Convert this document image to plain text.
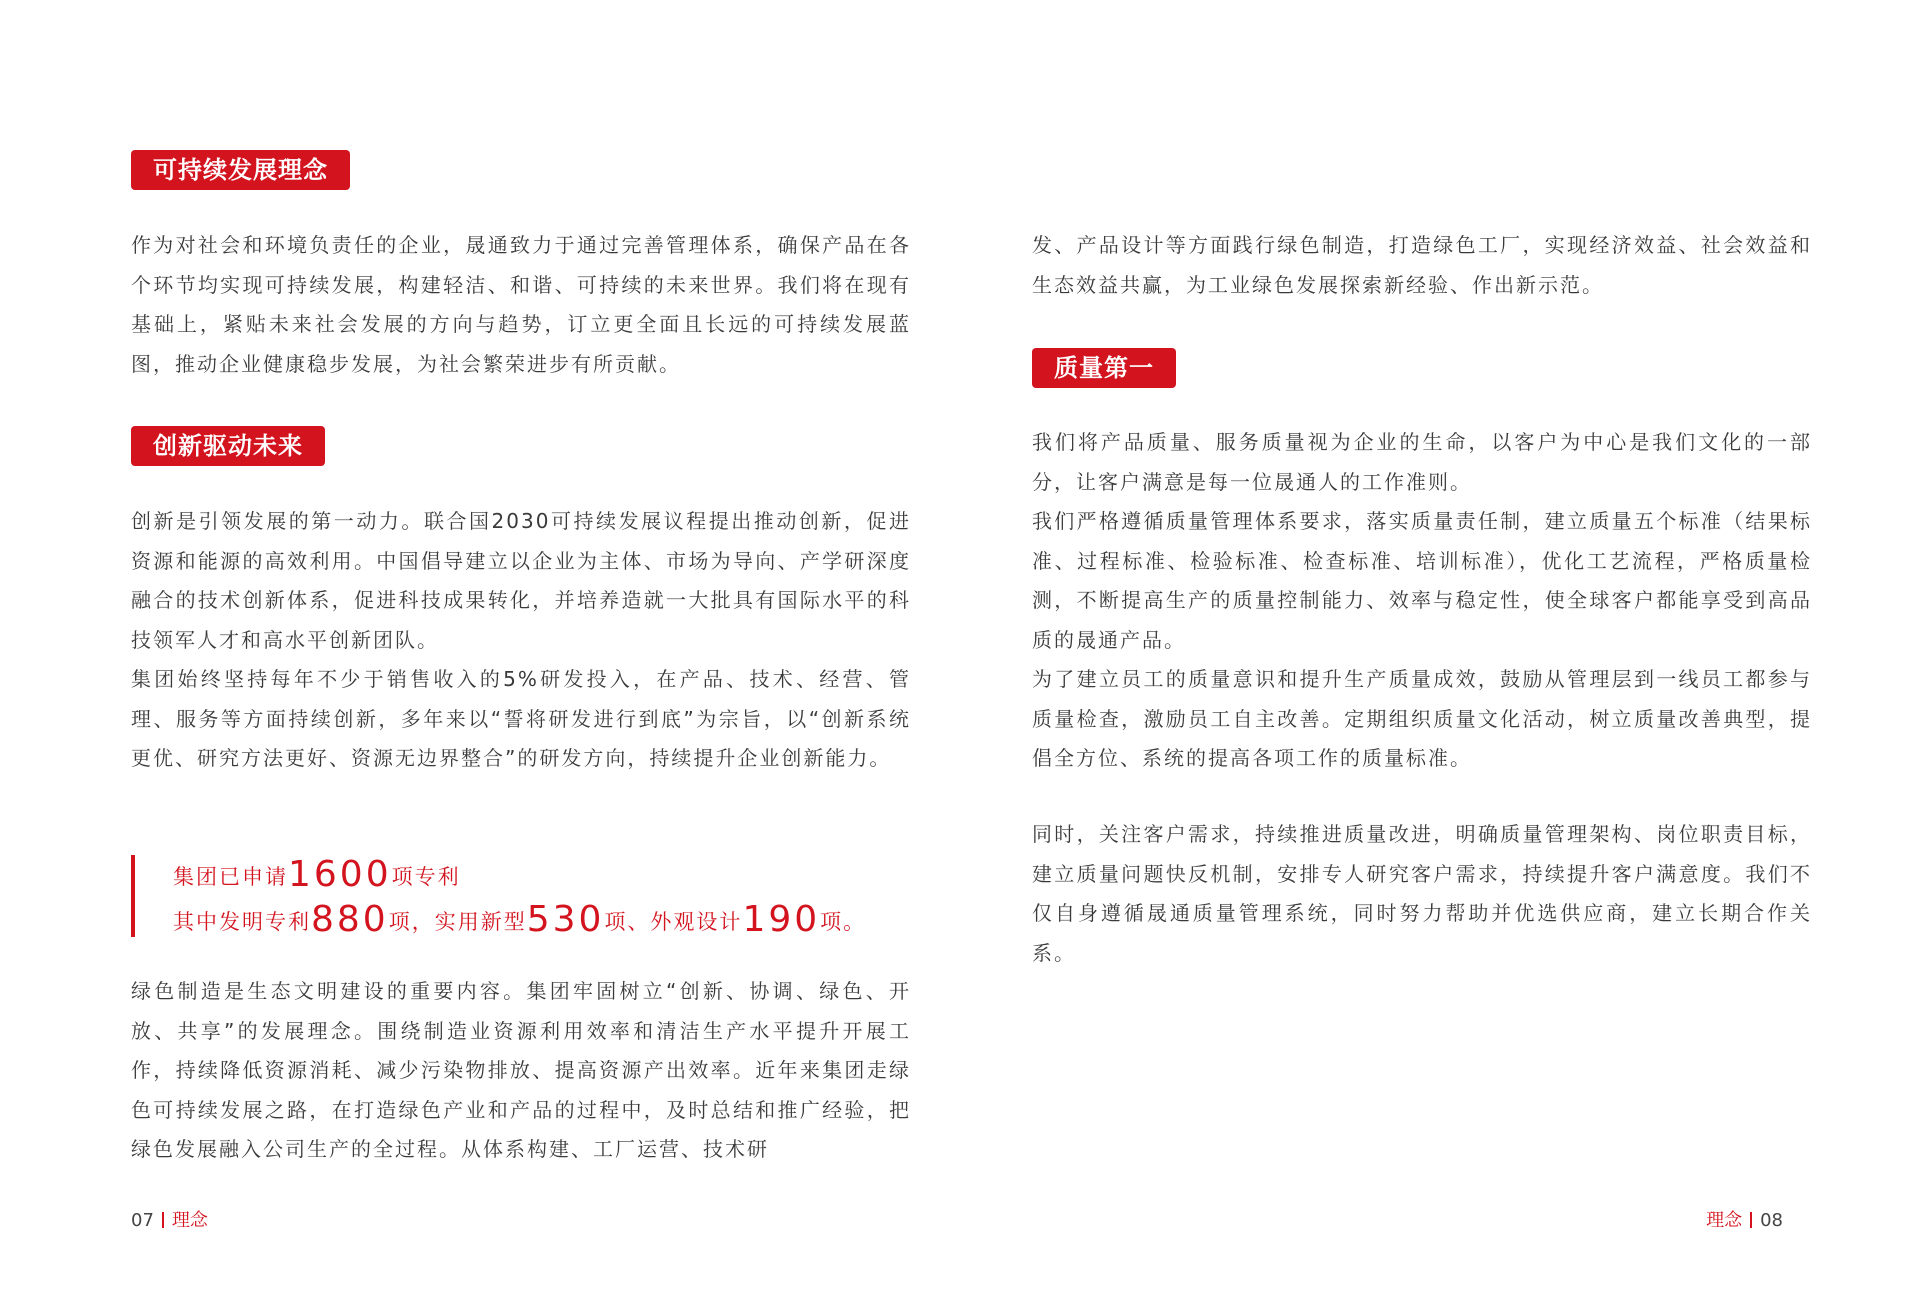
可持续发展理念

作为对社会和环境负责任的企业，晟通致力于通过完善管理体系，确保产品在各个环节均实现可持续发展，构建轻洁、和谐、可持续的未来世界。我们将在现有基础上，紧贴未来社会发展的方向与趋势，订立更全面且长远的可持续发展蓝图，推动企业健康稳步发展，为社会繁荣进步有所贡献。

创新驱动未来

创新是引领发展的第一动力。联合国2030可持续发展议程提出推动创新，促进资源和能源的高效利用。中国倡导建立以企业为主体、市场为导向、产学研深度融合的技术创新体系，促进科技成果转化，并培养造就一大批具有国际水平的科技领军人才和高水平创新团队。

集团始终坚持每年不少于销售收入的5%研发投入，在产品、技术、经营、管理、服务等方面持续创新，多年来以“誓将研发进行到底”为宗旨，以“创新系统更优、研究方法更好、资源无边界整合”的研发方向，持续提升企业创新能力。

集团已申请1600项专利
其中发明专利880项，实用新型530项、外观设计190项。

绿色制造是生态文明建设的重要内容。集团牢固树立“创新、协调、绿色、开放、共享”的发展理念。围绕制造业资源利用效率和清洁生产水平提升开展工作，持续降低资源消耗、减少污染物排放、提高资源产出效率。近年来集团走绿色可持续发展之路，在打造绿色产业和产品的过程中，及时总结和推广经验，把绿色发展融入公司生产的全过程。从体系构建、工厂运营、技术研

发、产品设计等方面践行绿色制造，打造绿色工厂，实现经济效益、社会效益和生态效益共赢，为工业绿色发展探索新经验、作出新示范。

质量第一

我们将产品质量、服务质量视为企业的生命，以客户为中心是我们文化的一部分，让客户满意是每一位晟通人的工作准则。

我们严格遵循质量管理体系要求，落实质量责任制，建立质量五个标准（结果标准、过程标准、检验标准、检查标准、培训标准），优化工艺流程，严格质量检测，不断提高生产的质量控制能力、效率与稳定性，使全球客户都能享受到高品质的晟通产品。

为了建立员工的质量意识和提升生产质量成效，鼓励从管理层到一线员工都参与质量检查，激励员工自主改善。定期组织质量文化活动，树立质量改善典型，提倡全方位、系统的提高各项工作的质量标准。

同时，关注客户需求，持续推进质量改进，明确质量管理架构、岗位职责目标，建立质量问题快反机制，安排专人研究客户需求，持续提升客户满意度。我们不仅自身遵循晟通质量管理系统，同时努力帮助并优选供应商，建立长期合作关系。

07 理念	理念 08
